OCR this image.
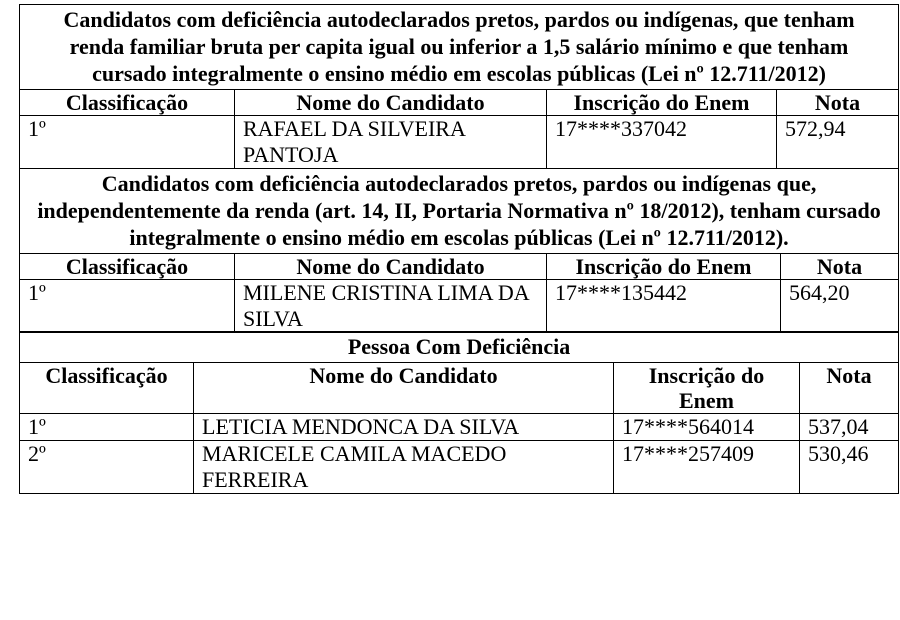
Candidatos com deficiência autodeclarados pretos, pardos ou indígenas, que tenham renda familiar bruta per capita igual ou inferior a 1,5 salário mínimo e que tenham cursado integralmente o ensino médio em escolas públicas (Lei nº 12.711/2012)			
Classificação	Nome do Candidato	Inscrição do Enem	Nota
1º	RAFAEL DA SILVEIRA PANTOJA	17****337042	572,94
Candidatos com deficiência autodeclarados pretos, pardos ou indígenas que, independentemente da renda (art. 14, II, Portaria Normativa nº 18/2012), tenham cursado integralmente o ensino médio em escolas públicas (Lei nº 12.711/2012).			
Classificação	Nome do Candidato	Inscrição do Enem	Nota
1º	MILENE CRISTINA LIMA DA SILVA	17****135442	564,20
Pessoa Com Deficiência			
Classificação	Nome do Candidato	Inscrição do Enem	Nota
1º	LETICIA MENDONCA DA SILVA	17****564014	537,04
2º	MARICELE CAMILA MACEDO FERREIRA	17****257409	530,46
